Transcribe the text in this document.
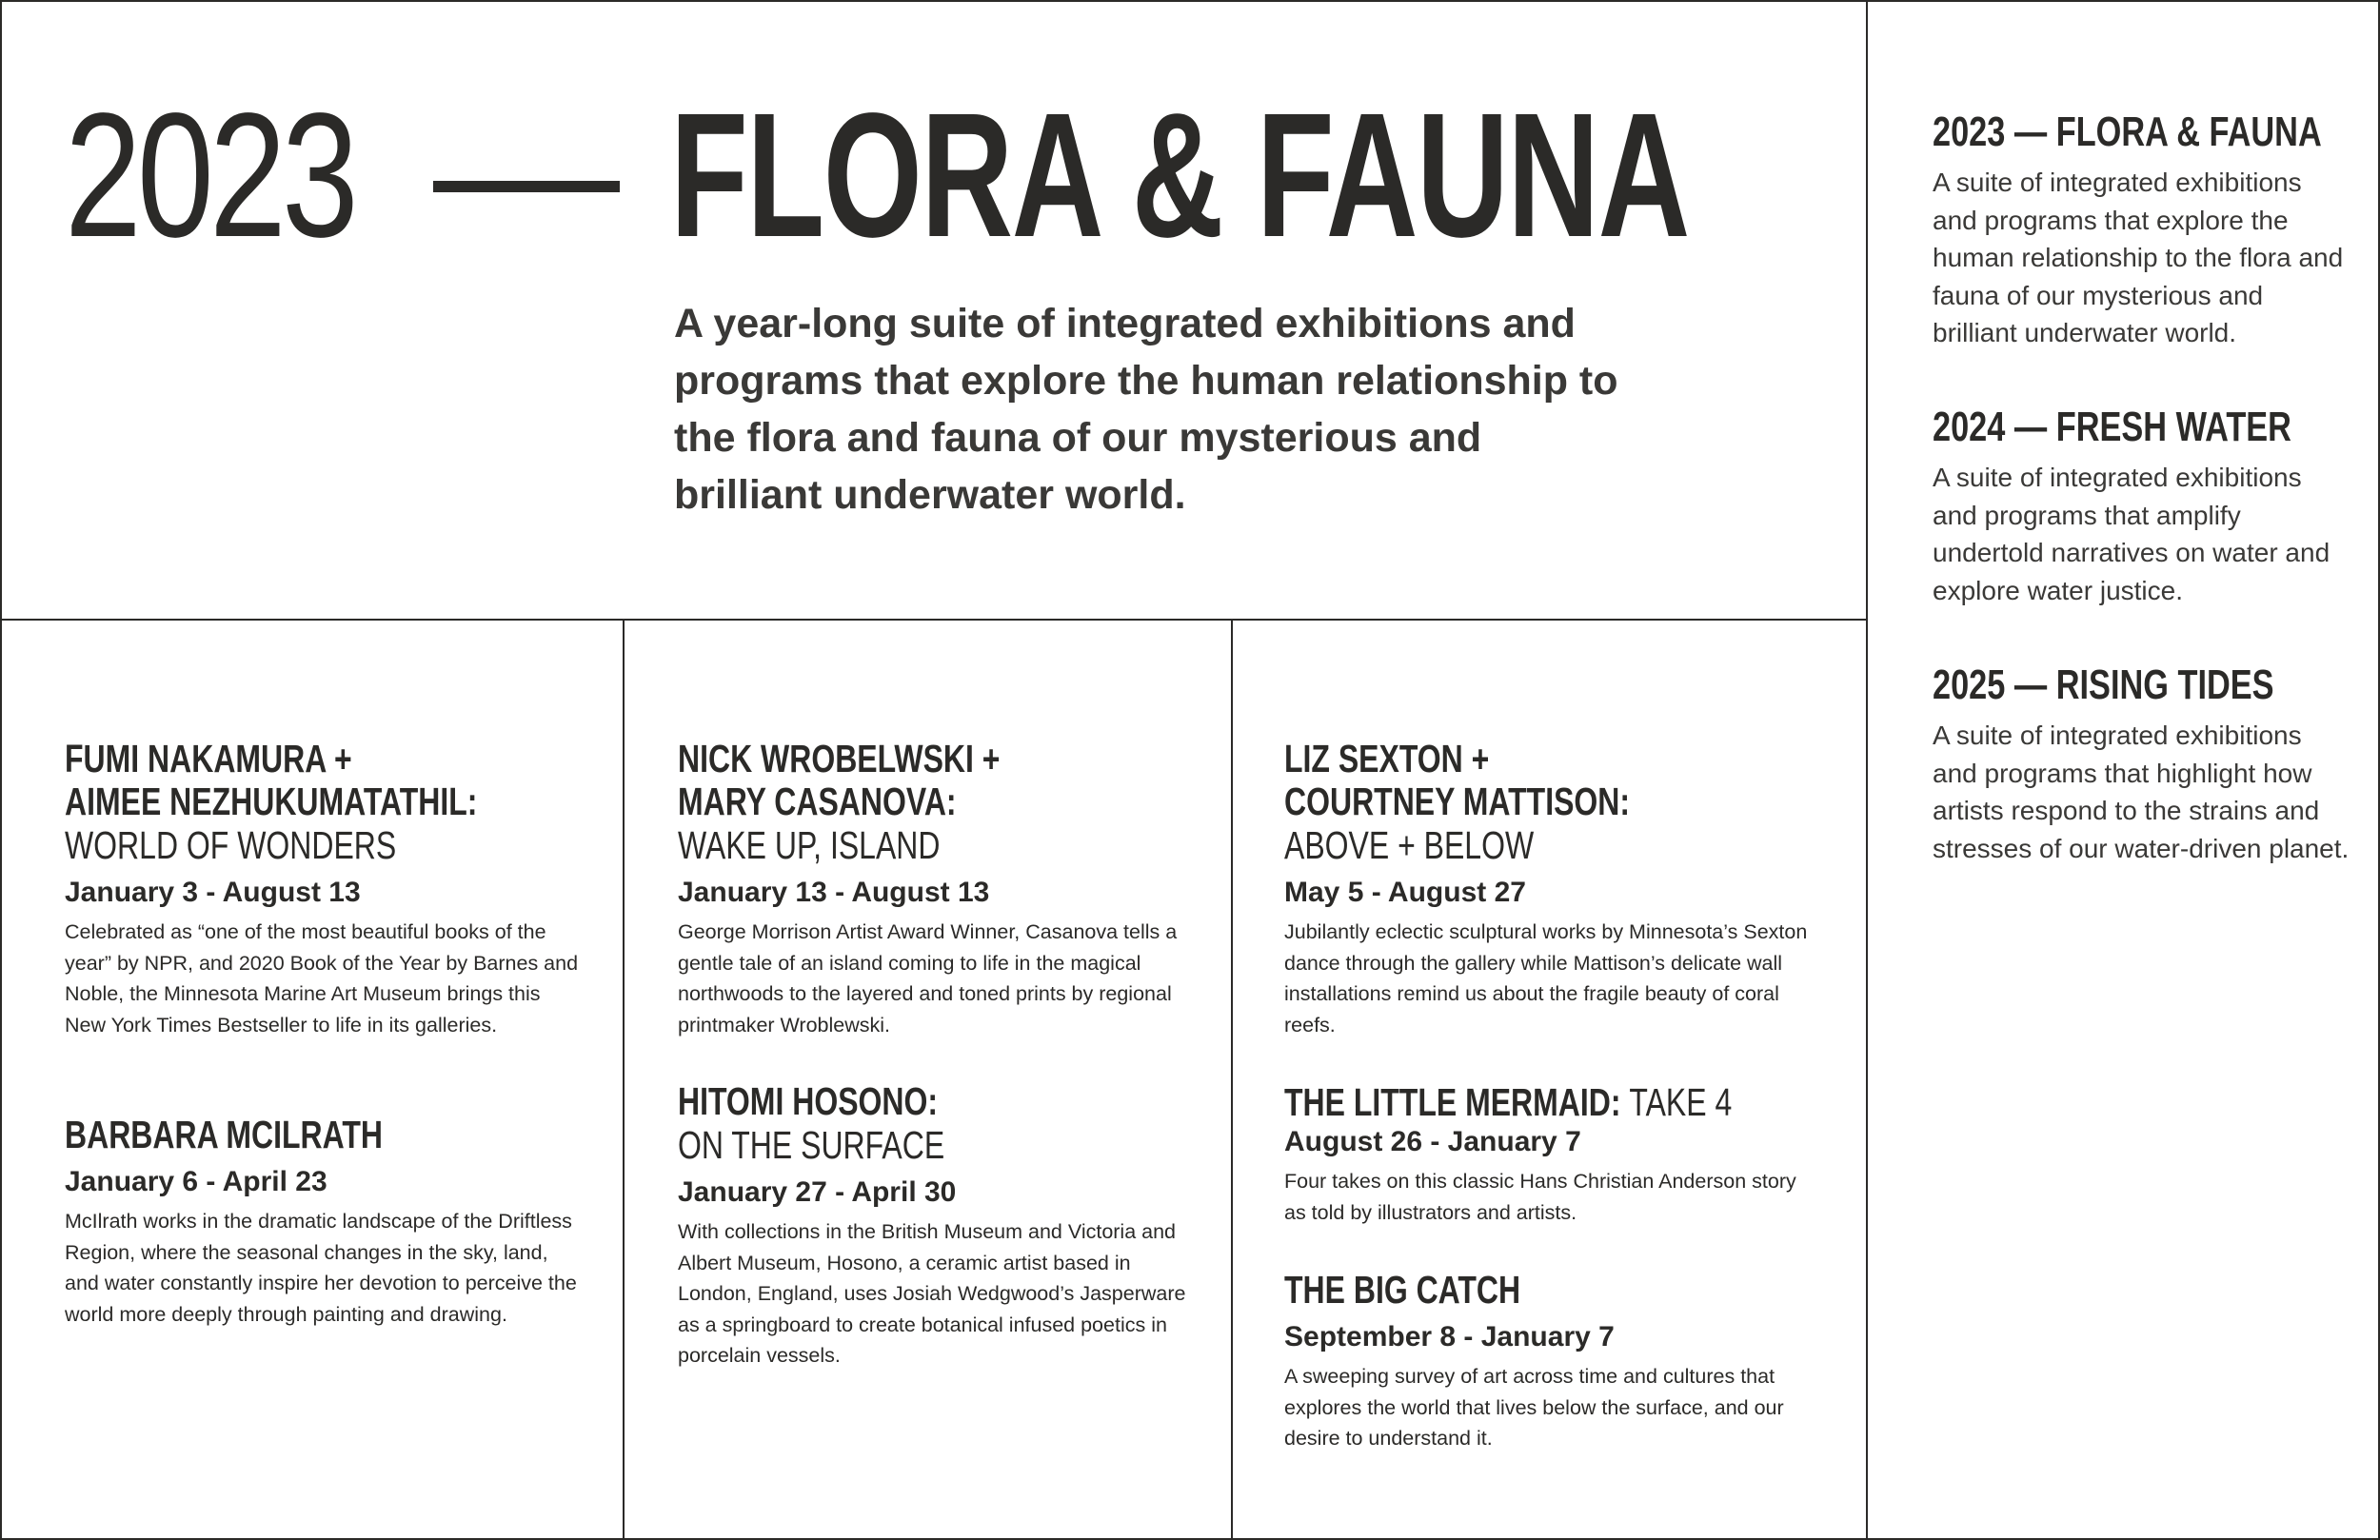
2023 FLORA & FAUNA
A year-long suite of integrated exhibitions and programs that explore the human relationship to the flora and fauna of our mysterious and brilliant underwater world.
2023 — FLORA & FAUNA

A suite of integrated exhibitions and programs that explore the human relationship to the flora and fauna of our mysterious and brilliant underwater world.

2024 — FRESH WATER

A suite of integrated exhibitions and programs that amplify undertold narratives on water and explore water justice.

2025 — RISING TIDES

A suite of integrated exhibitions and programs that highlight how artists respond to the strains and stresses of our water-driven planet.

FUMI NAKAMURA +
AIMEE NEZHUKUMATATHIL:
WORLD OF WONDERS
January 3 - August 13
Celebrated as “one of the most beautiful books of the year” by NPR, and 2020 Book of the Year by Barnes and Noble, the Minnesota Marine Art Museum brings this New York Times Bestseller to life in its galleries.
BARBARA MCILRATH
January 6 - April 23
McIlrath works in the dramatic landscape of the Driftless Region, where the seasonal changes in the sky, land, and water constantly inspire her devotion to perceive the world more deeply through painting and drawing.
NICK WROBELWSKI +
MARY CASANOVA:
WAKE UP, ISLAND
January 13 - August 13
George Morrison Artist Award Winner, Casanova tells a gentle tale of an island coming to life in the magical northwoods to the layered and toned prints by regional printmaker Wroblewski.
HITOMI HOSONO:
ON THE SURFACE
January 27 - April 30
With collections in the British Museum and Victoria and Albert Museum, Hosono, a ceramic artist based in London, England, uses Josiah Wedgwood’s Jasperware as a springboard to create botanical infused poetics in porcelain vessels.
LIZ SEXTON +
COURTNEY MATTISON:
ABOVE + BELOW
May 5 - August 27
Jubilantly eclectic sculptural works by Minnesota’s Sexton dance through the gallery while Mattison’s delicate wall installations remind us about the fragile beauty of coral reefs.
THE LITTLE MERMAID: TAKE 4
August 26 - January 7
Four takes on this classic Hans Christian Anderson story as told by illustrators and artists.
THE BIG CATCH
September 8 - January 7
A sweeping survey of art across time and cultures that explores the world that lives below the surface, and our desire to understand it.
